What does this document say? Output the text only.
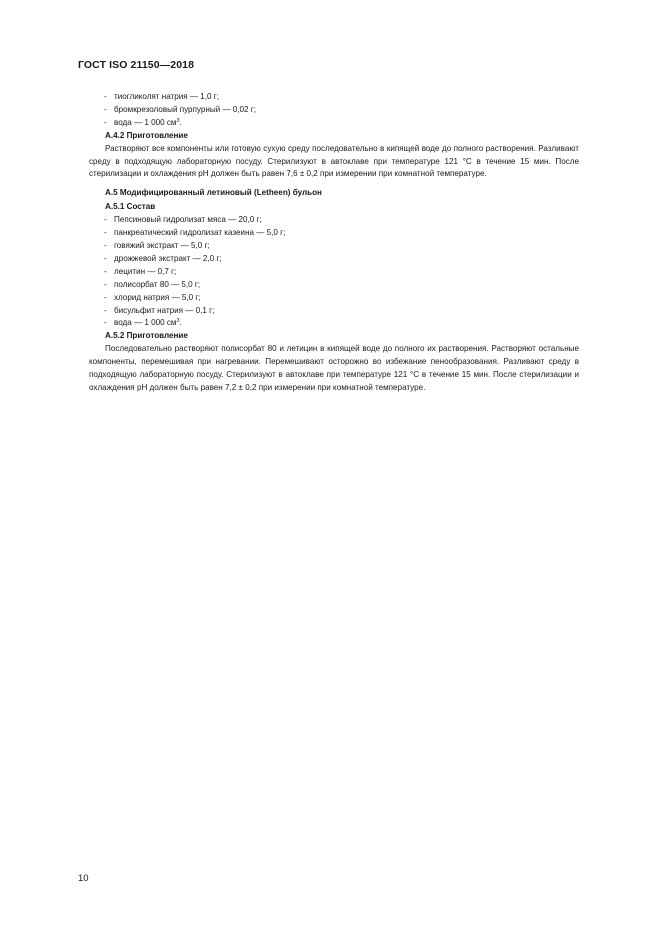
ГОСТ ISO 21150—2018
- тиогликолят натрия — 1,0 г;
- бромкрезоловый пурпурный — 0,02 г;
- вода — 1 000 $см^3$.
А.4.2 Приготовление

Растворяют все компоненты или готовую сухую среду последовательно в кипящей воде до полного растворения. Разливают среду в подходящую лабораторную посуду. Стерилизуют в автоклаве при температуре 121 °С в течение 15 мин. После стерилизации и охлаждения pH должен быть равен 7,6 ± 0,2 при измерении при комнатной температуре.

А.5 Модифицированный летиновый (Letheen) бульон
А.5.1 Состав
- Пепсиновый гидролизат мяса — 20,0 г;
- панкреатический гидролизат казеина — 5,0 г;
- говяжий экстракт — 5,0 г;
- дрожжевой экстракт — 2,0 г;
- лецитин — 0,7 г;
- полисорбат 80 — 5,0 г;
- хлорид натрия — 5,0 г;
- бисульфит натрия — 0,1 г;
- вода — 1 000 $см^3$.
А.5.2 Приготовление

Последовательно растворяют полисорбат 80 и летицин в кипящей воде до полного их растворения. Растворяют остальные компоненты, перемешивая при нагревании. Перемешивают осторожно во избежание пенообразования. Разливают среду в подходящую лабораторную посуду. Стерилизуют в автоклаве при температуре 121 °С в течение 15 мин. После стерилизации и охлаждения pH должен быть равен 7,2 ± 0,2 при измерении при комнатной температуре.

10
